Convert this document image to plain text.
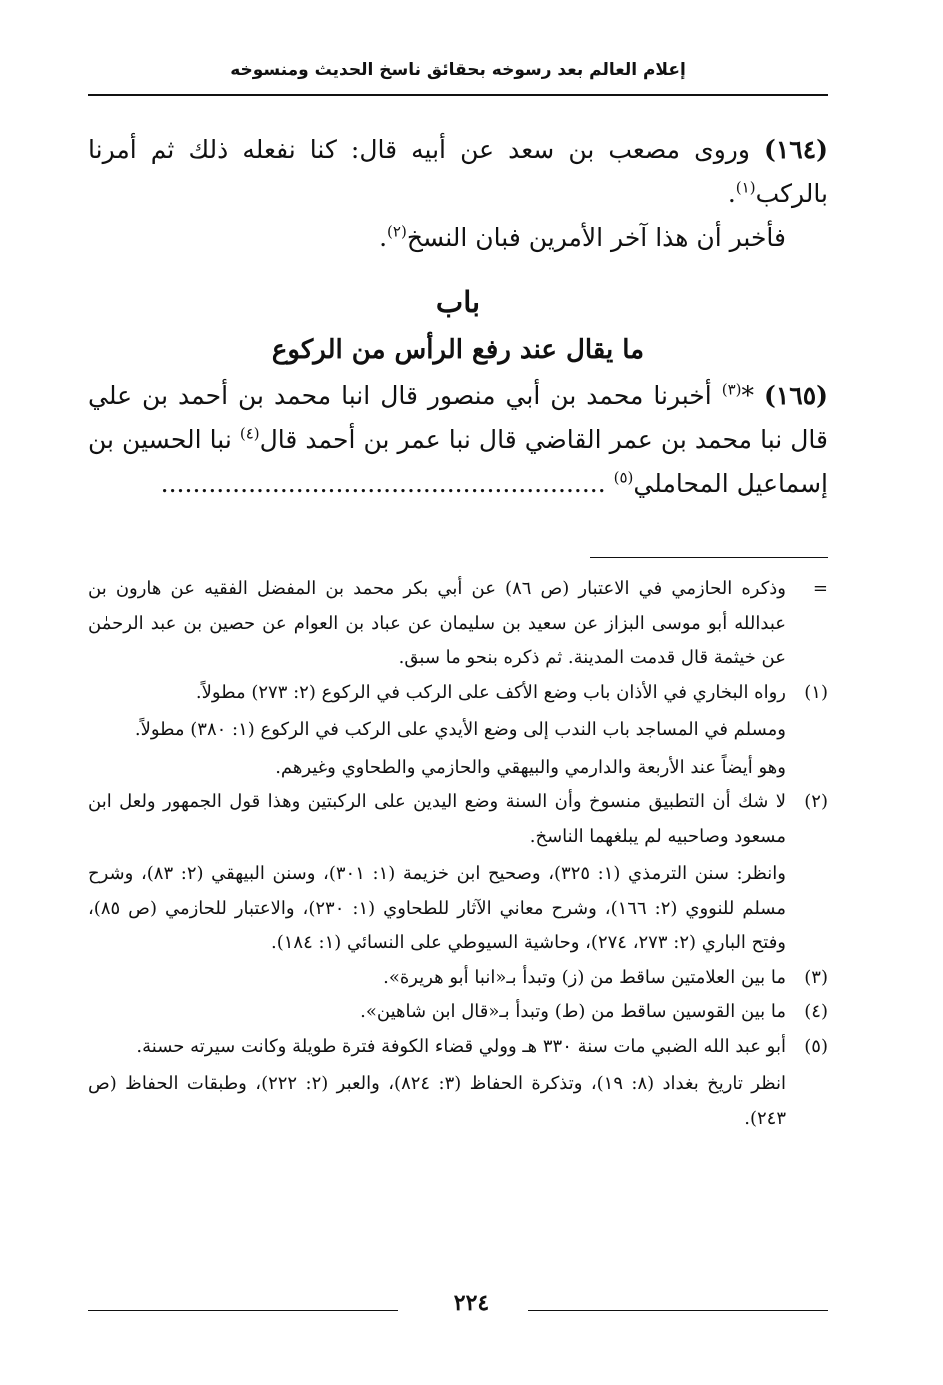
إعلام العالم بعد رسوخه بحقائق ناسخ الحديث ومنسوخه

(١٦٤) وروى مصعب بن سعد عن أبيه قال: كنا نفعله ذلك ثم أمرنا بالركب$^{(١)}$.

فأخبر أن هذا آخر الأمرين فبان النسخ$^{(٢)}$.

باب

ما يقال عند رفع الرأس من الركوع

(١٦٥) *$^{(٣)}$ أخبرنا محمد بن أبي منصور قال انبا محمد بن أحمد بن علي قال نبا محمد بن عمر القاضي قال نبا عمر بن أحمد قال$^{(٤)}$ نبا الحسين بن إسماعيل المحاملي$^{(٥)}$ ........................................................

=

وذكره الحازمي في الاعتبار (ص ٨٦) عن أبي بكر محمد بن المفضل الفقيه عن هارون بن عبدالله أبو موسى البزاز عن سعيد بن سليمان عن عباد بن العوام عن حصين بن عبد الرحمٰن عن خيثمة قال قدمت المدينة. ثم ذكره بنحو ما سبق.

(١)

رواه البخاري في الأذان باب وضع الأكف على الركب في الركوع (٢: ٢٧٣) مطولاً.

ومسلم في المساجد باب الندب إلى وضع الأيدي على الركب في الركوع (١: ٣٨٠) مطولاً.

وهو أيضاً عند الأربعة والدارمي والبيهقي والحازمي والطحاوي وغيرهم.

(٢)

لا شك أن التطبيق منسوخ وأن السنة وضع اليدين على الركبتين وهذا قول الجمهور ولعل ابن مسعود وصاحبيه لم يبلغهما الناسخ.

وانظر: سنن الترمذي (١: ٣٢٥)، وصحيح ابن خزيمة (١: ٣٠١)، وسنن البيهقي (٢: ٨٣)، وشرح مسلم للنووي (٢: ١٦٦)، وشرح معاني الآثار للطحاوي (١: ٢٣٠)، والاعتبار للحازمي (ص ٨٥)، وفتح الباري (٢: ٢٧٣، ٢٧٤)، وحاشية السيوطي على النسائي (١: ١٨٤).

(٣)

ما بين العلامتين ساقط من (ز) وتبدأ بـ«انبا أبو هريرة».

(٤)

ما بين القوسين ساقط من (ط) وتبدأ بـ«قال ابن شاهين».

(٥)

أبو عبد الله الضبي مات سنة ٣٣٠ هـ وولي قضاء الكوفة فترة طويلة وكانت سيرته حسنة.

انظر تاريخ بغداد (٨: ١٩)، وتذكرة الحفاظ (٣: ٨٢٤)، والعبر (٢: ٢٢٢)، وطبقات الحفاظ (ص ٢٤٣).

٢٢٤
